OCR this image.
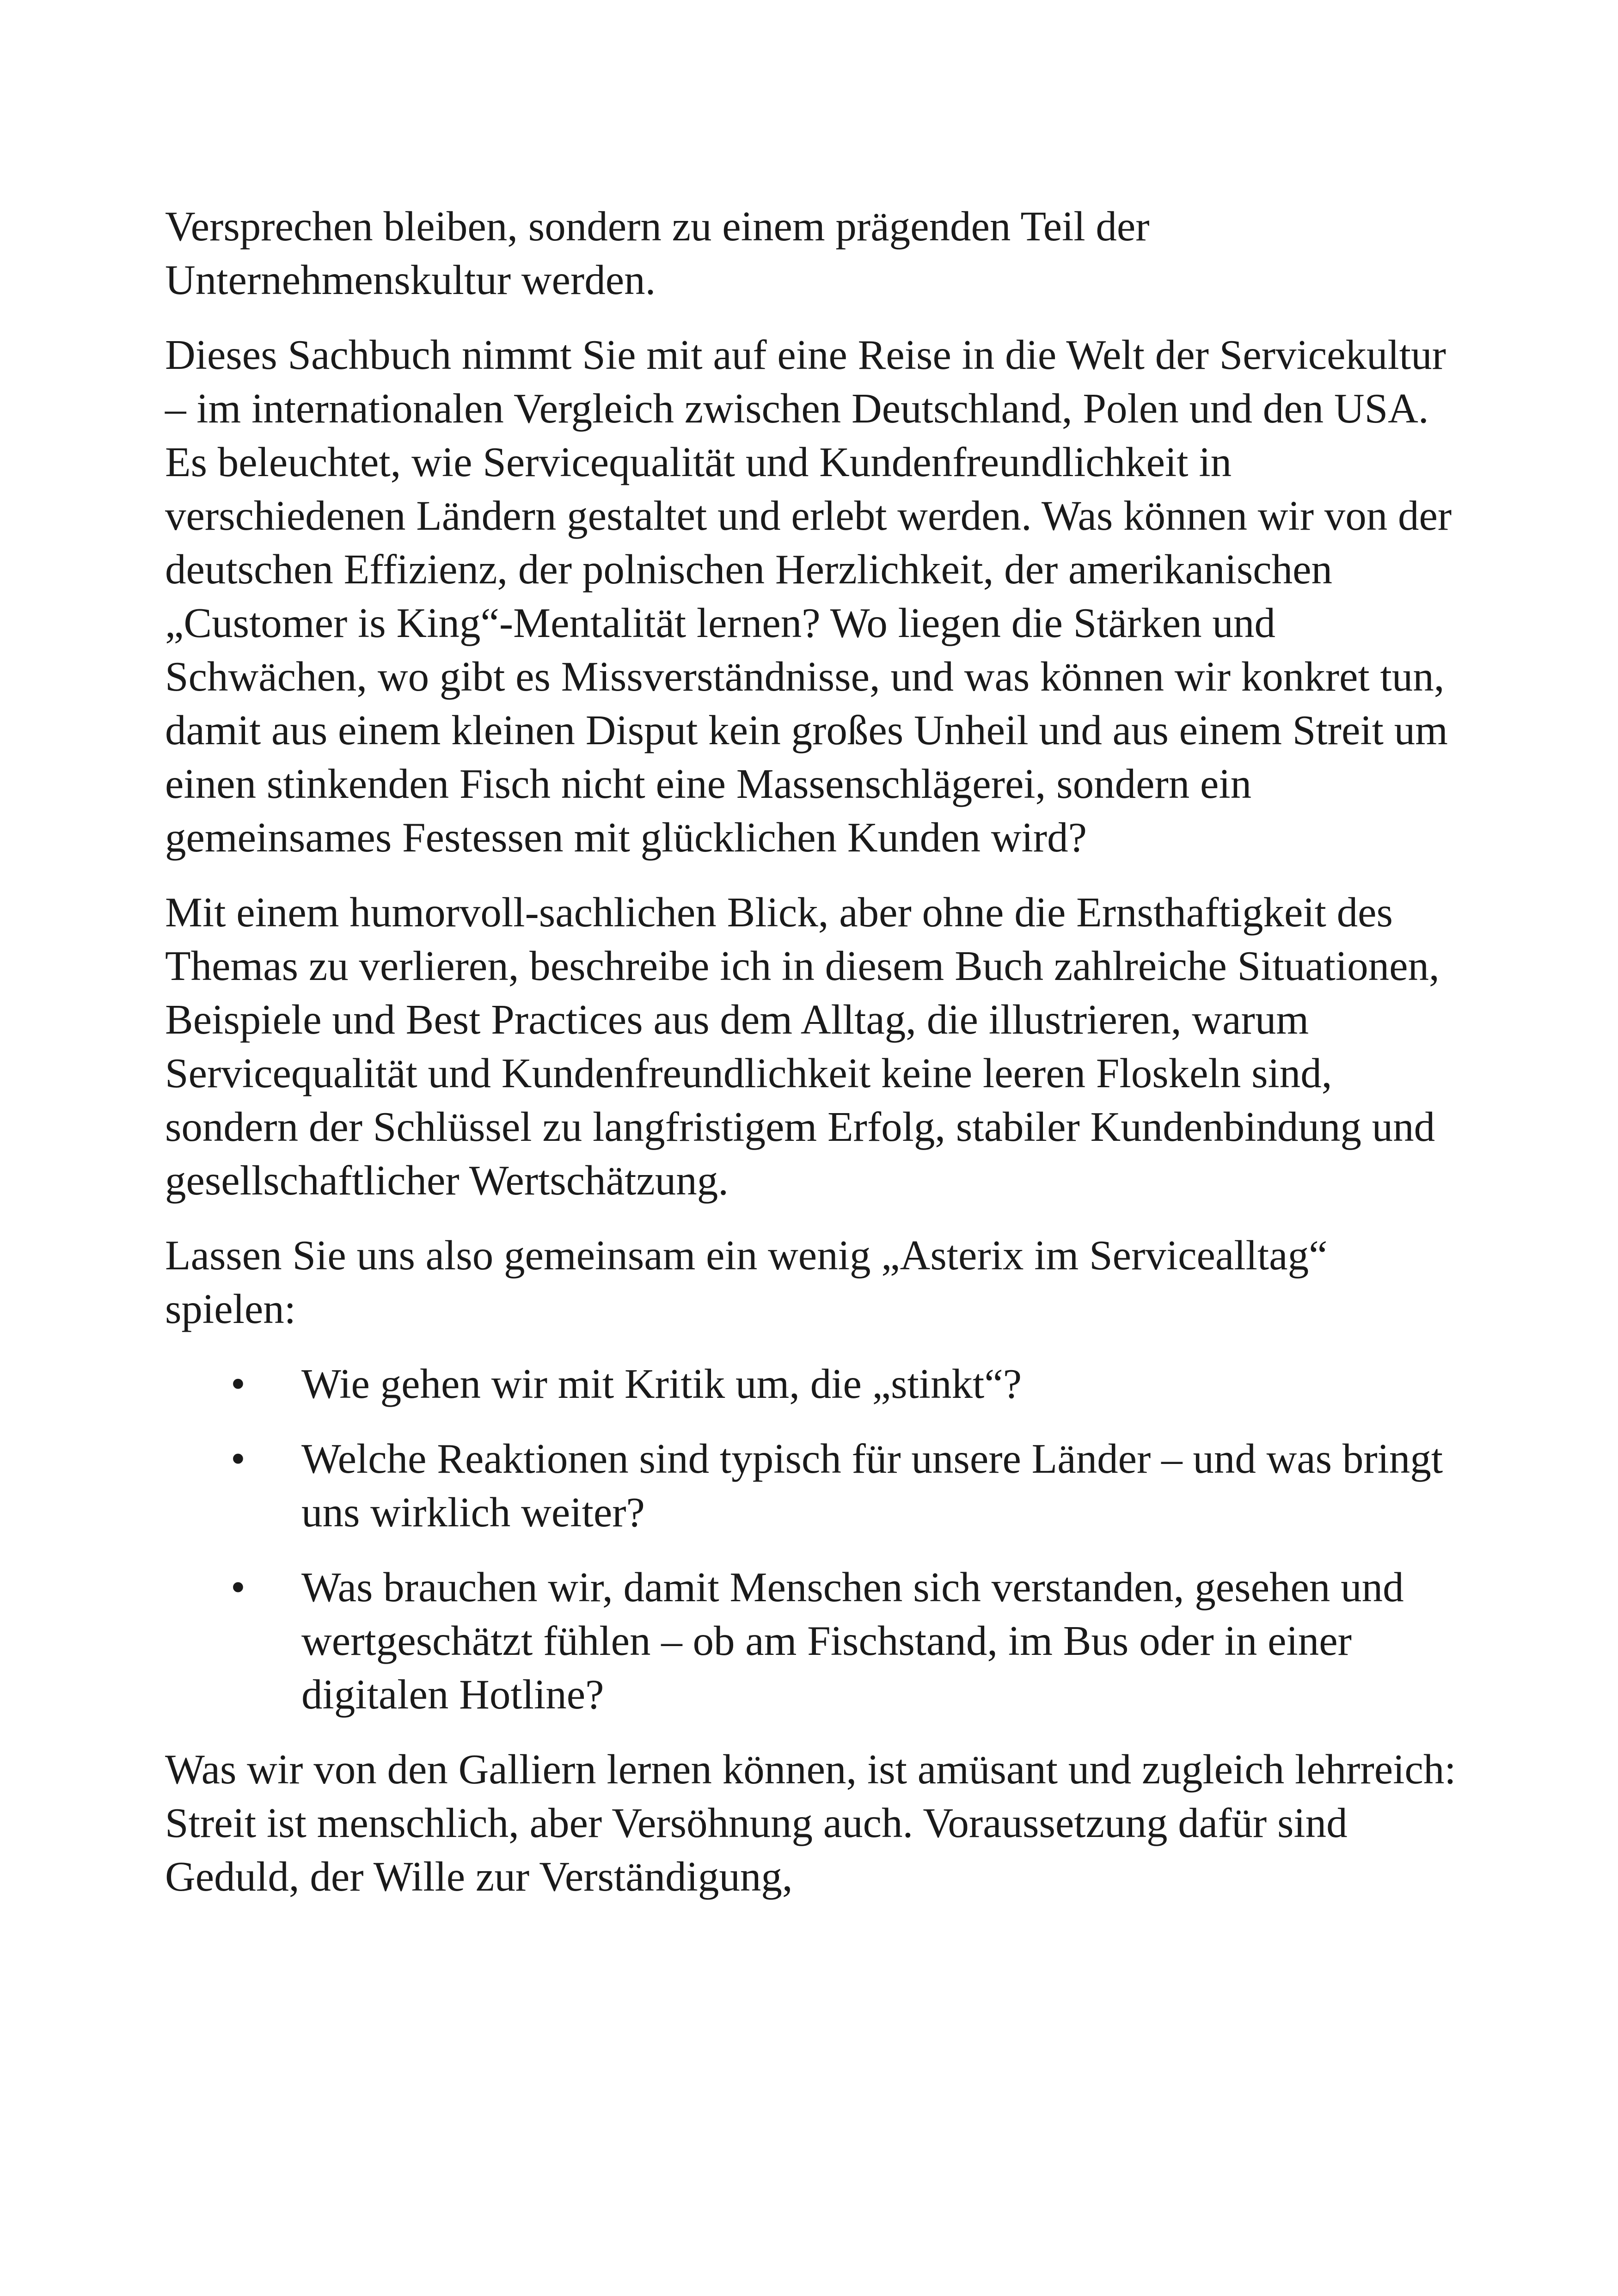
Versprechen bleiben, sondern zu einem prägenden Teil der Unternehmenskultur werden.

Dieses Sachbuch nimmt Sie mit auf eine Reise in die Welt der Servicekultur – im internationalen Vergleich zwischen Deutschland, Polen und den USA. Es beleuchtet, wie Servicequalität und Kundenfreundlichkeit in verschiedenen Ländern gestaltet und erlebt werden. Was können wir von der deutschen Effizienz, der polnischen Herzlichkeit, der amerikanischen „Customer is King“-Mentalität lernen? Wo liegen die Stärken und Schwächen, wo gibt es Missverständnisse, und was können wir konkret tun, damit aus einem kleinen Disput kein großes Unheil und aus einem Streit um einen stinkenden Fisch nicht eine Massenschlägerei, sondern ein gemeinsames Festessen mit glücklichen Kunden wird?

Mit einem humorvoll-sachlichen Blick, aber ohne die Ernsthaftigkeit des Themas zu verlieren, beschreibe ich in diesem Buch zahlreiche Situationen, Beispiele und Best Practices aus dem Alltag, die illustrieren, warum Servicequalität und Kundenfreundlichkeit keine leeren Floskeln sind, sondern der Schlüssel zu langfristigem Erfolg, stabiler Kundenbindung und gesellschaftlicher Wertschätzung.

Lassen Sie uns also gemeinsam ein wenig „Asterix im Servicealltag“ spielen:

•	Wie gehen wir mit Kritik um, die „stinkt“?
•	Welche Reaktionen sind typisch für unsere Länder – und was bringt uns wirklich weiter?
•	Was brauchen wir, damit Menschen sich verstanden, gesehen und wertgeschätzt fühlen – ob am Fischstand, im Bus oder in einer digitalen Hotline?

Was wir von den Galliern lernen können, ist amüsant und zugleich lehrreich: Streit ist menschlich, aber Versöhnung auch. Voraussetzung dafür sind Geduld, der Wille zur Verständigung,
